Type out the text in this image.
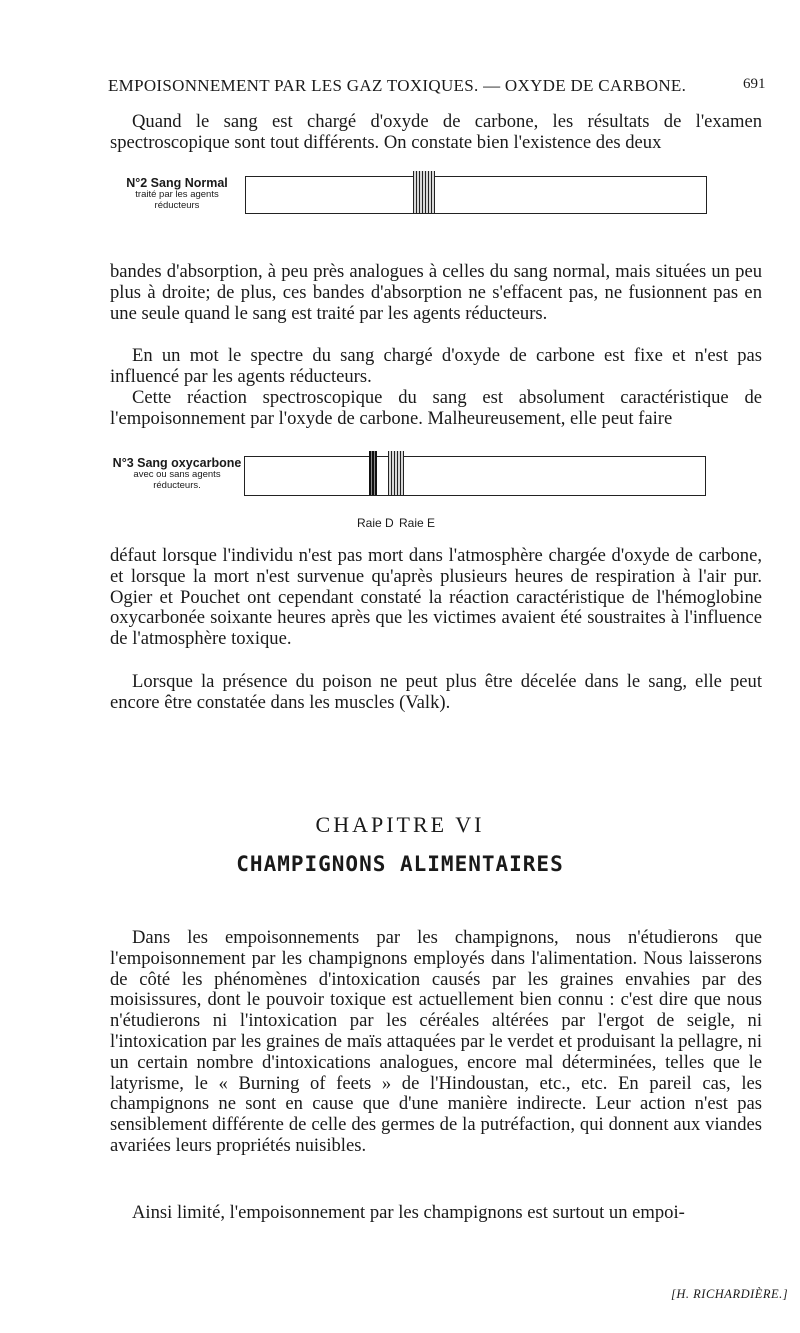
EMPOISONNEMENT PAR LES GAZ TOXIQUES. — OXYDE DE CARBONE.	691

Quand le sang est chargé d'oxyde de carbone, les résultats de l'examen spectroscopique sont tout différents. On constate bien l'existence des deux

N°2 Sang Normal
traité par les agents
réducteurs

bandes d'absorption, à peu près analogues à celles du sang normal, mais situées un peu plus à droite; de plus, ces bandes d'absorption ne s'effacent pas, ne fusionnent pas en une seule quand le sang est traité par les agents réducteurs.

En un mot le spectre du sang chargé d'oxyde de carbone est fixe et n'est pas influencé par les agents réducteurs.

Cette réaction spectroscopique du sang est absolument caractéristique de l'empoisonnement par l'oxyde de carbone. Malheureusement, elle peut faire

N°3 Sang oxycarbone
avec ou sans agents
réducteurs.
Raie D Raie E

défaut lorsque l'individu n'est pas mort dans l'atmosphère chargée d'oxyde de carbone, et lorsque la mort n'est survenue qu'après plusieurs heures de respiration à l'air pur. Ogier et Pouchet ont cependant constaté la réaction caractéristique de l'hémoglobine oxycarbonée soixante heures après que les victimes avaient été soustraites à l'influence de l'atmosphère toxique.

Lorsque la présence du poison ne peut plus être décelée dans le sang, elle peut encore être constatée dans les muscles (Valk).

CHAPITRE VI
CHAMPIGNONS ALIMENTAIRES

Dans les empoisonnements par les champignons, nous n'étudierons que l'empoisonnement par les champignons employés dans l'alimentation. Nous laisserons de côté les phénomènes d'intoxication causés par les graines envahies par des moisissures, dont le pouvoir toxique est actuellement bien connu : c'est dire que nous n'étudierons ni l'intoxication par les céréales altérées par l'ergot de seigle, ni l'intoxication par les graines de maïs attaquées par le verdet et produisant la pellagre, ni un certain nombre d'intoxications analogues, encore mal déterminées, telles que le latyrisme, le « Burning of feets » de l'Hindoustan, etc., etc. En pareil cas, les champignons ne sont en cause que d'une manière indirecte. Leur action n'est pas sensiblement différente de celle des germes de la putréfaction, qui donnent aux viandes avariées leurs propriétés nuisibles.

Ainsi limité, l'empoisonnement par les champignons est surtout un empoi-

[H. RICHARDIÈRE.]
